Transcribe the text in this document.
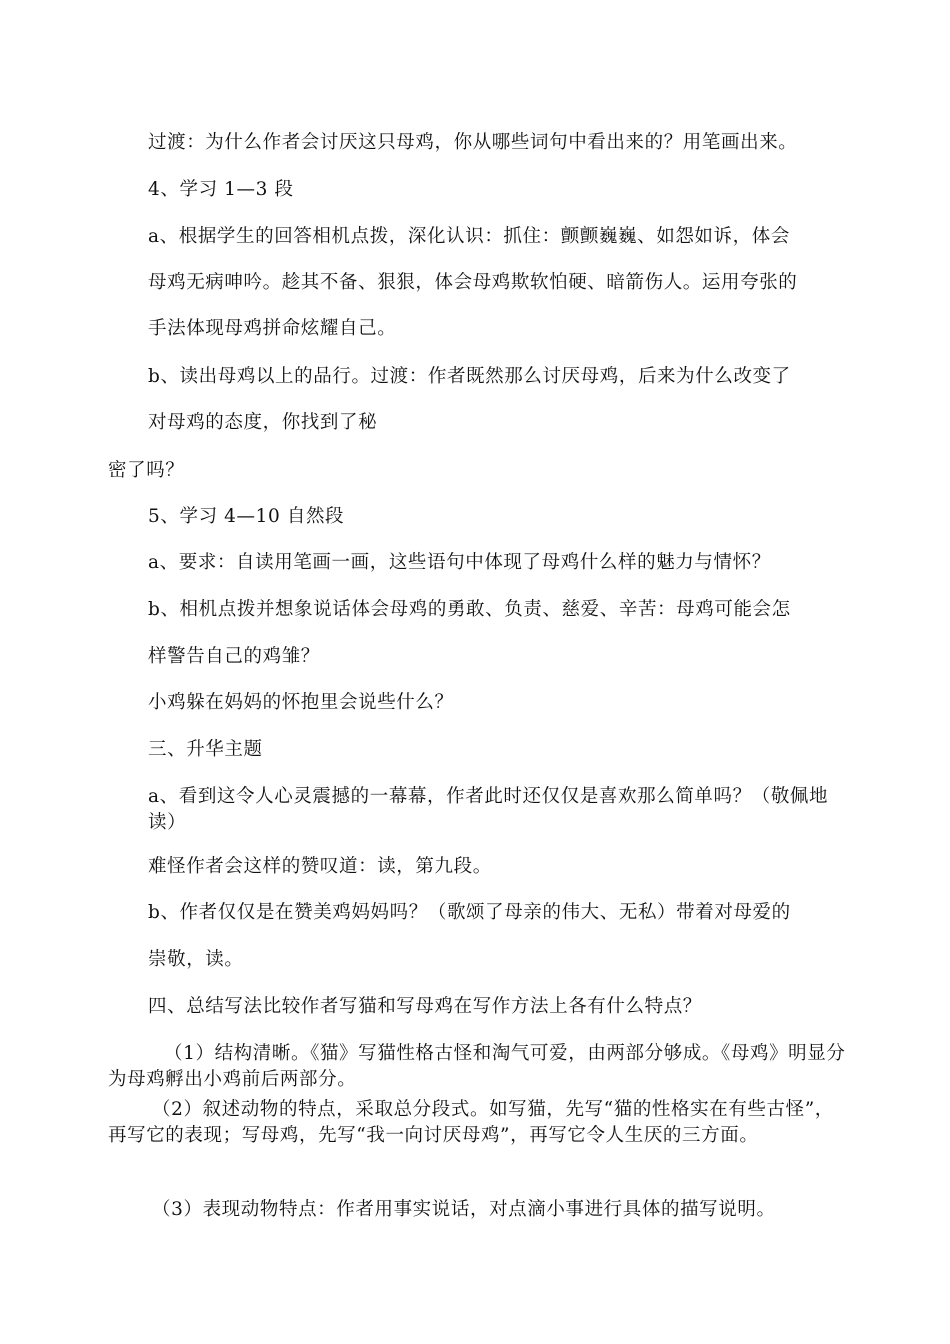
过渡：为什么作者会讨厌这只母鸡，你从哪些词句中看出来的？用笔画出来。

4、学习 1—3 段

a、根据学生的回答相机点拨，深化认识：抓住：颤颤巍巍、如怨如诉，体会

母鸡无病呻吟。趁其不备、狠狠，体会母鸡欺软怕硬、暗箭伤人。运用夸张的

手法体现母鸡拼命炫耀自己。

b、读出母鸡以上的品行。过渡：作者既然那么讨厌母鸡，后来为什么改变了

对母鸡的态度，你找到了秘

密了吗？

5、学习 4—10 自然段

a、要求：自读用笔画一画，这些语句中体现了母鸡什么样的魅力与情怀？

b、相机点拨并想象说话体会母鸡的勇敢、负责、慈爱、辛苦：母鸡可能会怎

样警告自己的鸡雏？

小鸡躲在妈妈的怀抱里会说些什么？

三、升华主题

a、看到这令人心灵震撼的一幕幕，作者此时还仅仅是喜欢那么简单吗？（敬佩地读）

难怪作者会这样的赞叹道：读，第九段。

b、作者仅仅是在赞美鸡妈妈吗？（歌颂了母亲的伟大、无私）带着对母爱的

崇敬，读。

四、总结写法比较作者写猫和写母鸡在写作方法上各有什么特点？

（1）结构清晰。《猫》写猫性格古怪和淘气可爱，由两部分够成。《母鸡》明显分为母鸡孵出小鸡前后两部分。

（2）叙述动物的特点，采取总分段式。如写猫，先写“猫的性格实在有些古怪”，再写它的表现；写母鸡，先写“我一向讨厌母鸡”，再写它令人生厌的三方面。

（3）表现动物特点：作者用事实说话，对点滴小事进行具体的描写说明。
